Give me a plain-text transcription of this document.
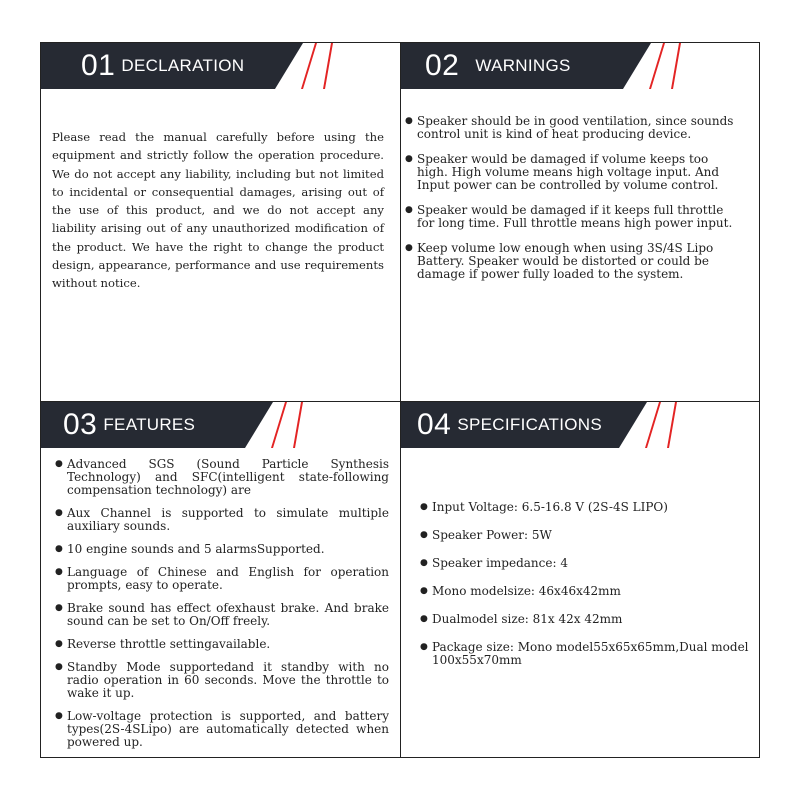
01 DECLARATION

Please read the manual carefully before using the equipment and strictly follow the operation procedure. We do not accept any liability, including but not limited to incidental or consequential damages, arising out of the use of this product, and we do not accept any liability arising out of any unauthorized modification of the product. We have the right to change the product design, appearance, performance and use requirements without notice.

02 WARNINGS
● Speaker should be in good ventilation, since sounds control unit is kind of heat producing device.
● Speaker would be damaged if volume keeps too high. High volume means high voltage input. And Input power can be controlled by volume control.
● Speaker would be damaged if it keeps full throttle for long time. Full throttle means high power input.
● Keep volume low enough when using 3S/4S Lipo Battery. Speaker would be distorted or could be damage if power fully loaded to the system.
03 FEATURES
● Advanced SGS (Sound Particle Synthesis Technology) and SFC(intelligent state-following compensation technology) are
● Aux Channel is supported to simulate multiple auxiliary sounds.
● 10 engine sounds and 5 alarmsSupported.
● Language of Chinese and English for operation prompts, easy to operate.
● Brake sound has effect ofexhaust brake. And brake sound can be set to On/Off freely.
● Reverse throttle settingavailable.
● Standby Mode supportedand it standby with no radio operation in 60 seconds. Move the throttle to wake it up.
● Low-voltage protection is supported, and battery types(2S-4SLipo) are automatically detected when powered up.
04 SPECIFICATIONS
● Input Voltage: 6.5-16.8 V (2S-4S LIPO)
● Speaker Power: 5W
● Speaker impedance: 4
● Mono modelsize: 46x46x42mm
● Dualmodel size: 81x 42x 42mm
● Package size: Mono model55x65x65mm,Dual model 100x55x70mm
